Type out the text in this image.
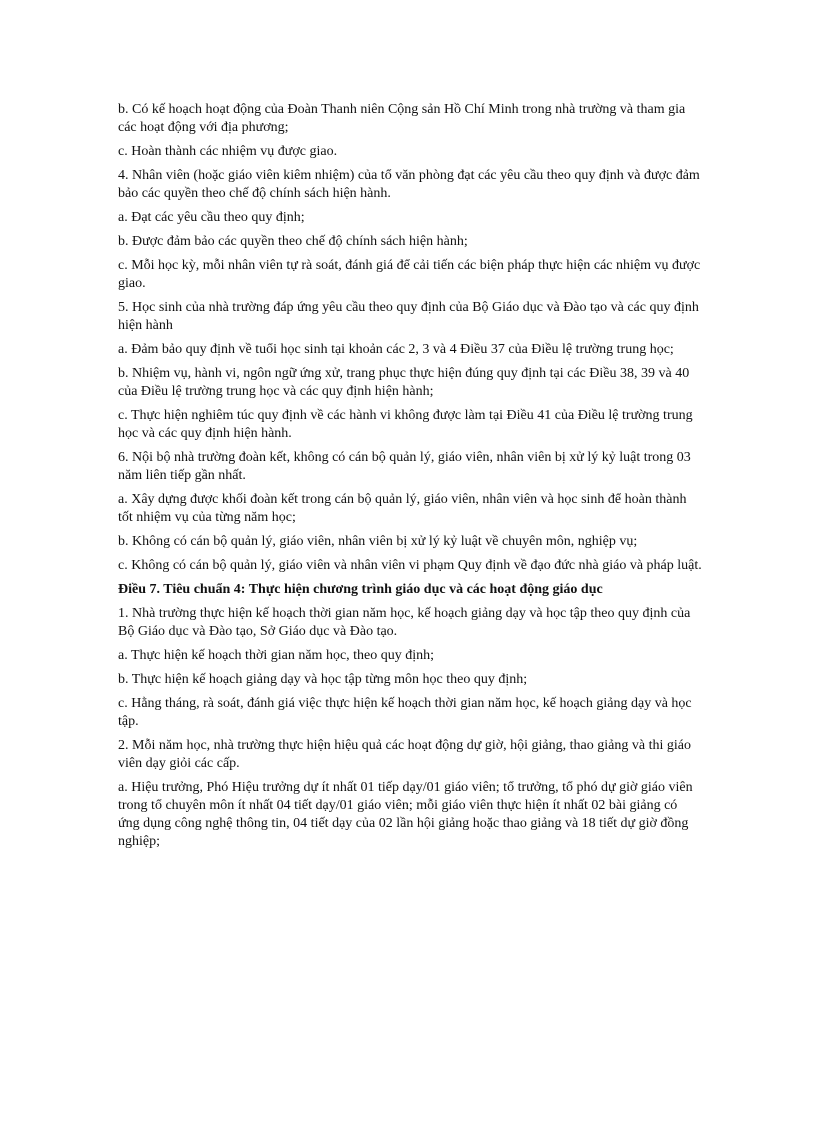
b. Có kế hoạch hoạt động của Đoàn Thanh niên Cộng sản Hồ Chí Minh trong nhà trường và tham gia các hoạt động với địa phương;

c. Hoàn thành các nhiệm vụ được giao.

4. Nhân viên (hoặc giáo viên kiêm nhiệm) của tổ văn phòng đạt các yêu cầu theo quy định và được đảm bảo các quyền theo chế độ chính sách hiện hành.

a. Đạt các yêu cầu theo quy định;

b. Được đảm bảo các quyền theo chế độ chính sách hiện hành;

c. Mỗi học kỳ, mỗi nhân viên tự rà soát, đánh giá để cải tiến các biện pháp thực hiện các nhiệm vụ được giao.

5. Học sinh của nhà trường đáp ứng yêu cầu theo quy định của Bộ Giáo dục và Đào tạo và các quy định hiện hành

a. Đảm bảo quy định về tuổi học sinh tại khoản các 2, 3 và 4 Điều 37 của Điều lệ trường trung học;

b. Nhiệm vụ, hành vi, ngôn ngữ ứng xử, trang phục thực hiện đúng quy định tại các Điều 38, 39 và 40 của Điều lệ trường trung học và các quy định hiện hành;

c. Thực hiện nghiêm túc quy định về các hành vi không được làm tại Điều 41 của Điều lệ trường trung học và các quy định hiện hành.

6. Nội bộ nhà trường đoàn kết, không có cán bộ quản lý, giáo viên, nhân viên bị xử lý kỷ luật trong 03 năm liên tiếp gần nhất.

a. Xây dựng được khối đoàn kết trong cán bộ quản lý, giáo viên, nhân viên và học sinh để hoàn thành tốt nhiệm vụ của từng năm học;

b. Không có cán bộ quản lý, giáo viên, nhân viên bị xử lý kỷ luật về chuyên môn, nghiệp vụ;

c. Không có cán bộ quản lý, giáo viên và nhân viên vi phạm Quy định về đạo đức nhà giáo và pháp luật.

Điều 7. Tiêu chuẩn 4: Thực hiện chương trình giáo dục và các hoạt động giáo dục

1. Nhà trường thực hiện kế hoạch thời gian năm học, kế hoạch giảng dạy và học tập theo quy định của Bộ Giáo dục và Đào tạo, Sở Giáo dục và Đào tạo.

a. Thực hiện kế hoạch thời gian năm học, theo quy định;

b. Thực hiện kế hoạch giảng dạy và học tập từng môn học theo quy định;

c. Hằng tháng, rà soát, đánh giá việc thực hiện kế hoạch thời gian năm học, kế hoạch giảng dạy và học tập.

2. Mỗi năm học, nhà trường thực hiện hiệu quả các hoạt động dự giờ, hội giảng, thao giảng và thi giáo viên dạy giỏi các cấp.

a. Hiệu trưởng, Phó Hiệu trưởng dự ít nhất 01 tiếp dạy/01 giáo viên; tổ trưởng, tổ phó dự giờ giáo viên trong tổ chuyên môn ít nhất 04 tiết dạy/01 giáo viên; mỗi giáo viên thực hiện ít nhất 02 bài giảng có ứng dụng công nghệ thông tin, 04 tiết dạy của 02 lần hội giảng hoặc thao giảng và 18 tiết dự giờ đồng nghiệp;
